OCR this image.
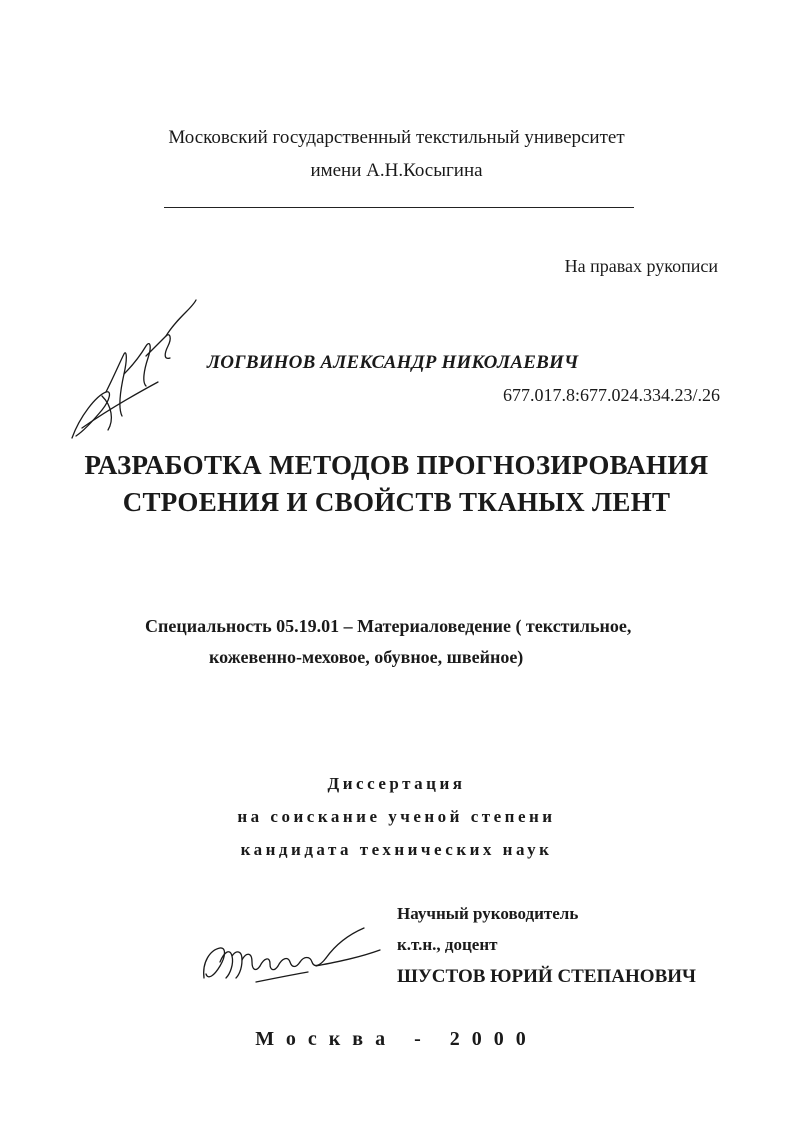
Московский государственный текстильный университет
имени А.Н.Косыгина
На правах рукописи
ЛОГВИНОВ АЛЕКСАНДР НИКОЛАЕВИЧ
677.017.8:677.024.334.23/.26
РАЗРАБОТКА МЕТОДОВ ПРОГНОЗИРОВАНИЯ
СТРОЕНИЯ И СВОЙСТВ ТКАНЫХ ЛЕНТ
Специальность 05.19.01 – Материаловедение ( текстильное,
кожевенно-меховое, обувное, швейное)
Диссертация
на соискание ученой степени
кандидата технических наук
Научный руководитель
к.т.н., доцент
ШУСТОВ ЮРИЙ СТЕПАНОВИЧ
Москва - 2000
